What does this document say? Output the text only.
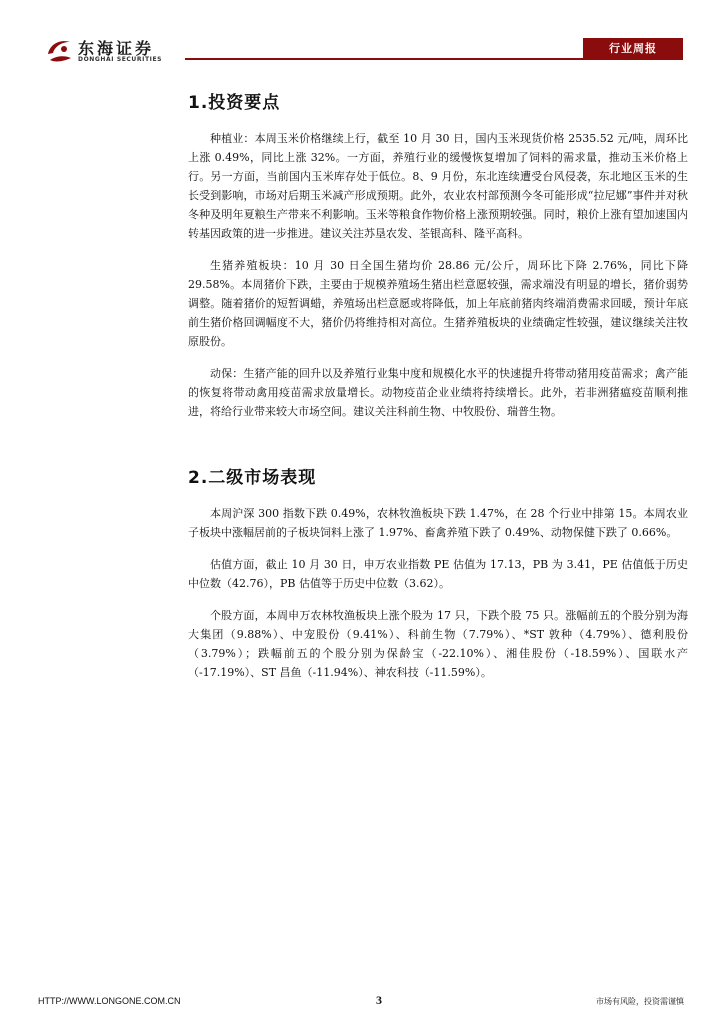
东海证券
DONGHAI SECURITIES
行业周报
1.投资要点

种植业：本周玉米价格继续上行，截至 10 月 30 日，国内玉米现货价格 2535.52 元/吨，周环比上涨 0.49%，同比上涨 32%。一方面，养殖行业的缓慢恢复增加了饲料的需求量，推动玉米价格上行。另一方面，当前国内玉米库存处于低位。8、9 月份，东北连续遭受台风侵袭，东北地区玉米的生长受到影响，市场对后期玉米减产形成预期。此外，农业农村部预测今冬可能形成“拉尼娜”事件并对秋冬种及明年夏粮生产带来不利影响。玉米等粮食作物价格上涨预期较强。同时，粮价上涨有望加速国内转基因政策的进一步推进。建议关注苏垦农发、荃银高科、隆平高科。

生猪养殖板块：10 月 30 日全国生猪均价 28.86 元/公斤，周环比下降 2.76%，同比下降 29.58%。本周猪价下跌，主要由于规模养殖场生猪出栏意愿较强，需求端没有明显的增长，猪价弱势调整。随着猪价的短暂调蜡，养殖场出栏意愿或将降低，加上年底前猪肉终端消费需求回暖，预计年底前生猪价格回调幅度不大，猪价仍将维持相对高位。生猪养殖板块的业绩确定性较强，建议继续关注牧原股份。

动保：生猪产能的回升以及养殖行业集中度和规模化水平的快速提升将带动猪用疫苗需求；禽产能的恢复将带动禽用疫苗需求放量增长。动物疫苗企业业绩将持续增长。此外，若非洲猪瘟疫苗顺利推进，将给行业带来较大市场空间。建议关注科前生物、中牧股份、瑞普生物。

2.二级市场表现

本周沪深 300 指数下跌 0.49%，农林牧渔板块下跌 1.47%，在 28 个行业中排第 15。本周农业子板块中涨幅居前的子板块饲料上涨了 1.97%、畜禽养殖下跌了 0.49%、动物保健下跌了 0.66%。

估值方面，截止 10 月 30 日，申万农业指数 PE 估值为 17.13，PB 为 3.41，PE 估值低于历史中位数（42.76），PB 估值等于历史中位数（3.62）。

个股方面，本周申万农林牧渔板块上涨个股为 17 只，下跌个股 75 只。涨幅前五的个股分别为海大集团（9.88%）、中宠股份（9.41%）、科前生物（7.79%）、*ST 敦种（4.79%）、德利股份（3.79%）；跌幅前五的个股分别为保龄宝（-22.10%）、湘佳股份（-18.59%）、国联水产（-17.19%）、ST 昌鱼（-11.94%）、神农科技（-11.59%）。

HTTP://WWW.LONGONE.COM.CN	3	市场有风险，投资需谨慎
